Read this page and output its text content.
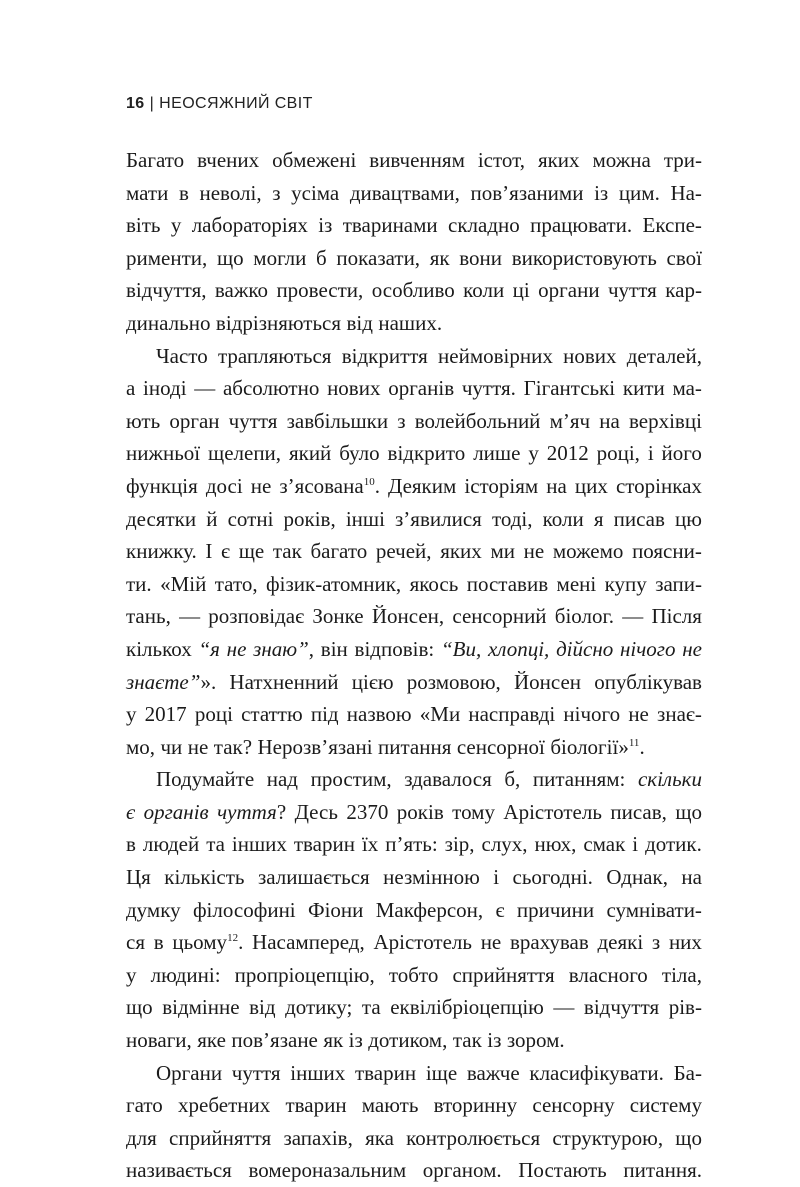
16 | НЕОСЯЖНИЙ СВІТ
Багато вчених обмежені вивченням істот, яких можна три-
мати в неволі, з усіма дивацтвами, пов’язаними із цим. На-
віть у лабораторіях із тваринами складно працювати. Експе-
рименти, що могли б показати, як вони використовують свої
відчуття, важко провести, особливо коли ці органи чуття кар-
динально відрізняються від наших.
Часто трапляються відкриття неймовірних нових деталей,
а іноді — абсолютно нових органів чуття. Гігантські кити ма-
ють орган чуття завбільшки з волейбольний м’яч на верхівці
нижньої щелепи, який було відкрито лише у 2012 році, і його
функція досі не з’ясована$^{10}$. Деяким історіям на цих сторінках
десятки й сотні років, інші з’явилися тоді, коли я писав цю
книжку. І є ще так багато речей, яких ми не можемо поясни-
ти. «Мій тато, фізик-атомник, якось поставив мені купу запи-
тань, — розповідає Зонке Йонсен, сенсорний біолог. — Після
кількох “я не знаю”, він відповів: “Ви, хлопці, дійсно нічого не
знаєте”». Натхненний цією розмовою, Йонсен опублікував
у 2017 році статтю під назвою «Ми насправді нічого не знає-
мо, чи не так? Нерозв’язані питання сенсорної біології»$^{11}$.
Подумайте над простим, здавалося б, питанням: скільки
є органів чуття? Десь 2370 років тому Арістотель писав, що
в людей та інших тварин їх п’ять: зір, слух, нюх, смак і дотик.
Ця кількість залишається незмінною і сьогодні. Однак, на
думку філософині Фіони Макферсон, є причини сумнівати-
ся в цьому$^{12}$. Насамперед, Арістотель не врахував деякі з них
у людині: пропріоцепцію, тобто сприйняття власного тіла,
що відмінне від дотику; та еквілібріоцепцію — відчуття рів-
новаги, яке пов’язане як із дотиком, так із зором.
Органи чуття інших тварин іще важче класифікувати. Ба-
гато хребетних тварин мають вторинну сенсорну систему
для сприйняття запахів, яка контролюється структурою, що
називається вомероназальним органом. Постають питання.
